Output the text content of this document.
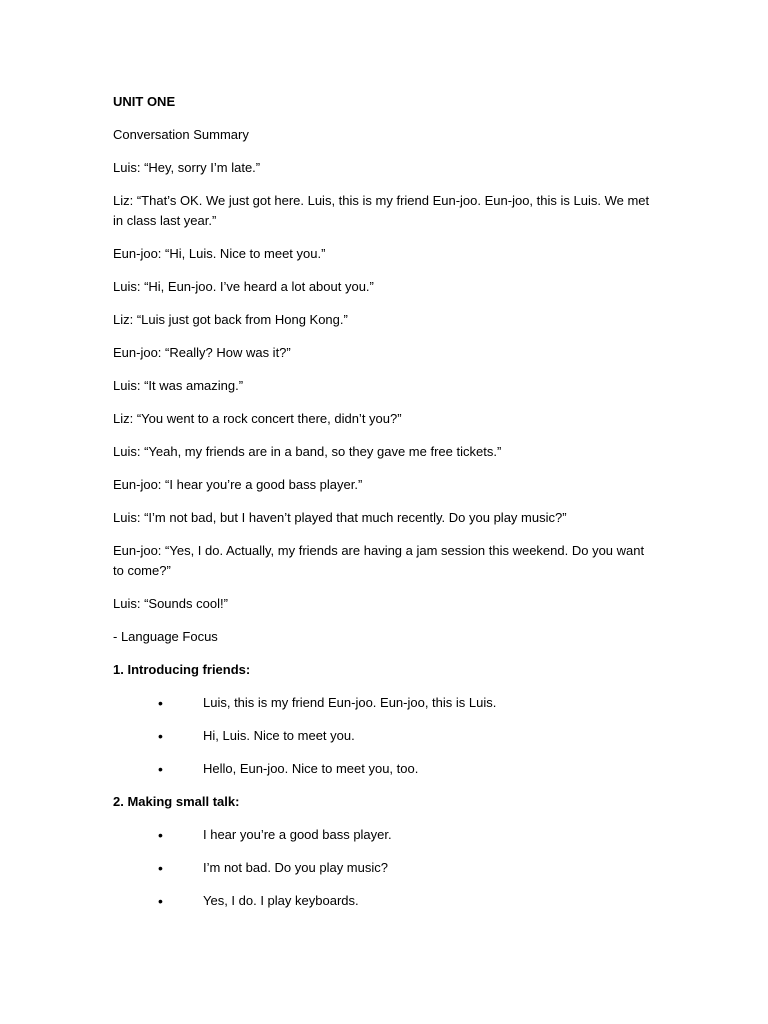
UNIT ONE
Conversation Summary
Luis: “Hey, sorry I’m late.”
Liz: “That’s OK. We just got here. Luis, this is my friend Eun-joo. Eun-joo, this is Luis. We met in class last year.”
Eun-joo: “Hi, Luis. Nice to meet you.”
Luis: “Hi, Eun-joo. I’ve heard a lot about you.”
Liz: “Luis just got back from Hong Kong.”
Eun-joo: “Really? How was it?”
Luis: “It was amazing.”
Liz: “You went to a rock concert there, didn’t you?”
Luis: “Yeah, my friends are in a band, so they gave me free tickets.”
Eun-joo: “I hear you’re a good bass player.”
Luis: “I’m not bad, but I haven’t played that much recently. Do you play music?”
Eun-joo: “Yes, I do. Actually, my friends are having a jam session this weekend. Do you want to come?”
Luis: “Sounds cool!”
- Language Focus
1. Introducing friends:
•	Luis, this is my friend Eun-joo. Eun-joo, this is Luis.
•	Hi, Luis. Nice to meet you.
•	Hello, Eun-joo. Nice to meet you, too.
2. Making small talk:
•	I hear you’re a good bass player.
•	I’m not bad. Do you play music?
•	Yes, I do. I play keyboards.
